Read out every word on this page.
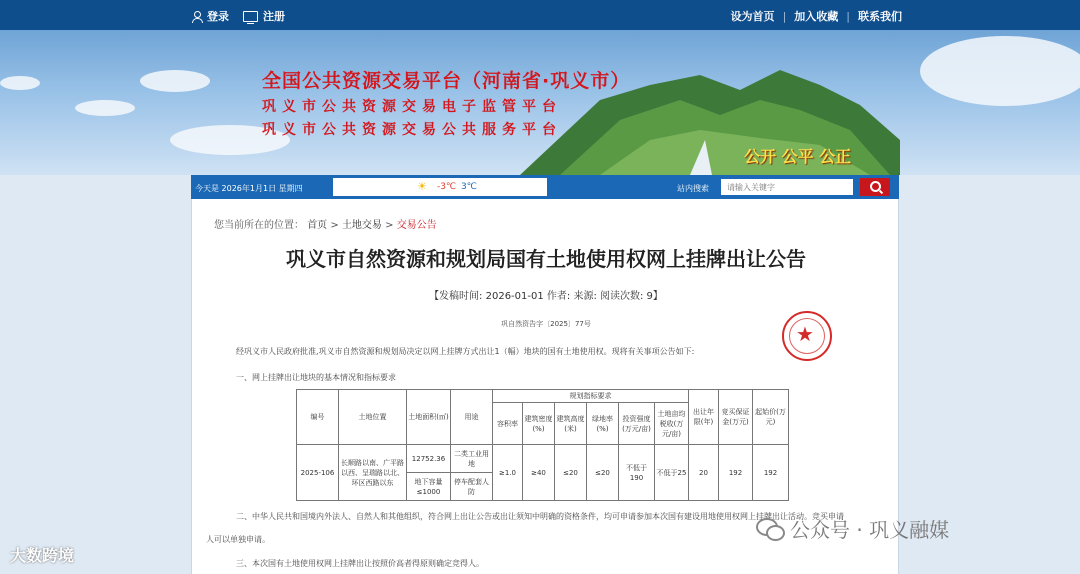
登录	注册	设为首页 | 加入收藏 | 联系我们
全国公共资源交易平台（河南省·巩义市）
巩义市公共资源交易电子监管平台
巩义市公共资源交易公共服务平台
公开 公平 公正
今天是 2026年1月1日 星期四	☀ -3℃ 3℃	站内搜索
请输入关键字
您当前所在的位置： 首页 > 土地交易 > 交易公告
巩义市自然资源和规划局国有土地使用权网上挂牌出让公告
【发稿时间: 2026-01-01 作者: 来源: 阅读次数: 9】
巩自然资告字〔2025〕77号	★
经巩义市人民政府批准,巩义市自然资源和规划局决定以网上挂牌方式出让1（幅）地块的国有土地使用权。现将有关事项公告如下:
一、网上挂牌出让地块的基本情况和指标要求
编号	土地位置	土地面积(㎡)	用途	规划指标要求						出让年限(年)	竞买保证金(万元)	起始价(万元)
				容积率	建筑密度(%)	建筑高度(米)	绿地率(%)	投资强度(万元/亩)	土地亩均税收(万元/亩)			
2025-106	长顺路以南、广平路以西、呈瑞路以北、环区西路以东	12752.36	二类工业用地	≥1.0	≥40	≤20	≤20	不低于190	不低于25	20	192	192
		地下容量≤1000	停车配套人防									
二、中华人民共和国境内外法人、自然人和其他组织，符合网上出让公告或出让须知中明确的资格条件，均可申请参加本次国有建设用地使用权网上挂牌出让活动。竞买申请
人可以单独申请。
三、本次国有土地使用权网上挂牌出让按照价高者得原则确定竞得人。
大数跨境
公众号 · 巩义融媒
